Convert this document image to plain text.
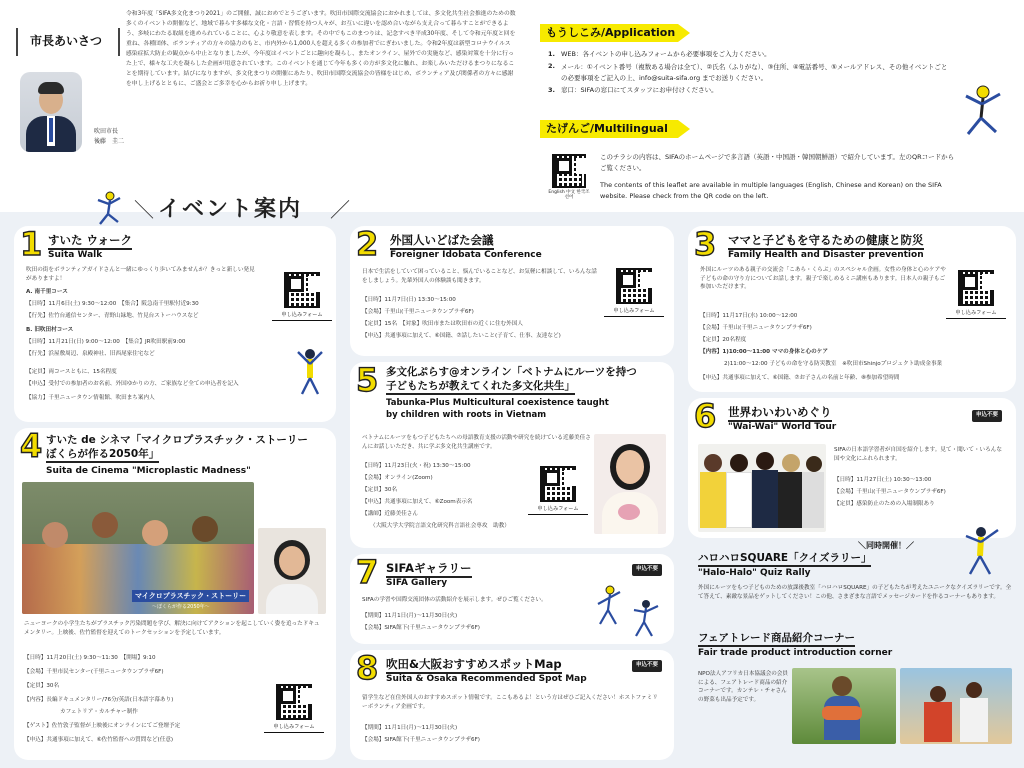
市長あいさつ
吹田市長
後藤　圭二
令和3年度「SIFA多文化まつり2021」のご開催、誠におめでとうございます。吹田市国際交流協会におかれましては、多文化共生社会推進のための数多くのイベントの開催など、地域で暮らす多様な文化・言語・習慣を持つ人々が、お互いに違いを認め合いながら支え合って暮らすことができるよう、多岐にわたる取組を進められていることに、心より敬意を表します。その中でもこのまつりは、記念すべき平成30年度、そして令和元年度と回を重ね、各種団体、ボランティアの方々の協力のもと、市内外から1,000人を超える多くの参加者でにぎわいました。令和2年度は新型コロナウイルス感染症拡大防止の観点から中止となりましたが、今年度はイベントごとに趣向を凝らし、またオンライン、屋外での実施など、感染対策を十分に行った上で、様々な工夫を凝らした企画が用意されています。このイベントを通じて今年も多くの方が多文化に触れ、お楽しみいただけるまつりになることを期待しています。結びになりますが、多文化まつりの開催にあたり、吹田市国際交流協会の皆様をはじめ、ボランティア及び関係者の方々に感謝を申し上げるとともに、ご盛会とご多幸を心からお祈り申し上げます。
もうしこみ/Application
1. WEB：各イベントの申し込みフォームから必要事項をご入力ください。
2. メール：①イベント番号（複数ある場合は全て）、②氏名（ふりがな）、③住所、④電話番号、⑤メールアドレス、その他イベントごとの必要事項をご記入の上、info@suita-sifa.org までお送りください。
3. 窓口：SIFAの窓口にてスタッフにお申付けください。
たげんご/Multilingual
English 中文 한국조선어
このチラシの内容は、SIFAのホームページで多言語（英語・中国語・韓国朝鮮語）で紹介しています。左のQRコードからご覧ください。
The contents of this leaflet are available in multiple languages (English, Chinese and Korean) on the SIFA website. Please check from the QR code on the left.
＼ イベント案内 ／
1 すいた ウォーク
Suita Walk
吹田の街をボランティアガイドさんと一緒にゆっくり歩いてみませんか？きっと新しい発見がありますよ！
A. 南千里コース
【日時】11月6日(土) 9:30〜12:00　【集合】阪急南千里駅付近9:30
【行先】佐竹台通信センター、青野山緑地、竹見台ストーハウスなど
B. 旧吹田村コース
【日時】11月21日(日) 9:00〜12:00　【集合】JR吹田駅前9:00
【行先】浜屋敷周辺、泉殿神社、旧西尾家住宅など
【定員】両コースともに、15名程度
【申込】受付での参加者のお名前、外国ゆかりの方、ご家族など全ての申込者を記入
【協力】千里ニュータウン情報館、吹田まち案内人
申し込みフォーム
2 外国人いどばた会議
Foreigner Idobata Conference
日本で生活をしていて困っていること、悩んでいることなど、お気軽に相談して、いろんな話をしましょう。先輩外国人の体験談も聞きます。
【日時】11月7日(日) 13:30〜15:00
【会場】千里山(千里ニュータウンプラザ6F)
【定員】15名　【対象】吹田市または吹田市の近くに住む外国人
【申込】共通事項に加えて、⑥国籍、⑦話したいこと(子育て、仕事、友達など)
申し込みフォーム
3 ママと子どもを守るための健康と防災
Family Health and Disaster prevention
外国にルーツのある親子の交流会「こあら・くらぶ」のスペシャル企画。女性の身体と心のケアや子どもの命の守り方についてお話します。親子で楽しめるミニ講座もあります。日本人の親子もご参加いただけます。
【日時】11月17日(水) 10:00〜12:00
【会場】千里山(千里ニュータウンプラザ6F)
【定員】20名程度
【内容】1)10:00〜11:00 ママの身体と心のケア
2)11:00〜12:00 子どもの命を守る防災教室　※吹田市Shinjoプロジェクト助成金事業
【申込】共通事項に加えて、⑥国籍、⑦お子さんの名前と年齢、⑧参加希望時間
申し込みフォーム
4 すいた de シネマ「マイクロプラスチック・ストーリー
ぼくらが作る2050年」
Suita de Cinema "Microplastic Madness"
マイクロプラスチック・ストーリー
〜ぼくらが作る2050年〜
ニューヨークの小学生たちがプラスチック汚染問題を学び、解決に向けてアクションを起こしていく姿を追ったドキュメンタリー。上映後、佐竹監督を迎えてのトークセッションを予定しています。
【日時】11月20日(土) 9:30〜11:30　【開場】9:10
【会場】千里市民センター(千里ニュータウンプラザ6F)
【定員】30名
【内容】長編ドキュメンタリー/76分/英語(日本語字幕あり)
カフェトリア・カルチャー制作
【ゲスト】佐竹敦子監督が上映後にオンラインにてご登壇予定
【申込】共通事項に加えて、⑥佐竹監督への質問など(任意)
申し込みフォーム
5 多文化ぷらす@オンライン「ベトナムにルーツを持つ
子どもたちが教えてくれた多文化共生」
Tabunka-Plus Multicultural coexistence taught
by children with roots in Vietnam
ベトナムにルーツをもつ子どもたちへの母語教育支援の活動や研究を続けている近藤美佳さんにお話しいただき、共に学ぶ多文化共生講座です。
【日時】11月23日(火・祝) 13:30〜15:00
【会場】オンライン(Zoom)
【定員】30名
【申込】共通事項に加えて、⑥Zoom表示名
【講師】近藤美佳さん
（大阪大学大学院言語文化研究科言語社会専攻　助教）
申し込みフォーム
6 世界わいわいめぐり
"Wai-Wai" World Tour
申込不要
SIFAの日本語学習者が自国を紹介します。見て・聞いて・いろんな国や文化にふれられます。
【日時】11月27日(土) 10:30〜13:00
【会場】千里山(千里ニュータウンプラザ6F)
【定員】感染防止のための入場制限あり
＼同時開催！／
ハロハロSQUARE「クイズラリー」
"Halo-Halo" Quiz Rally
外国にルーツをもつ子どものための放課後教室「ハロハロSQUARE」の子どもたちが考えたユニークなクイズラリーです。全て答えて、素敵な景品をゲットしてください！この他、さまざまな言語でメッセージカードを作るコーナーもあります。
フェアトレード商品紹介コーナー
Fair trade product introduction corner
NPO法人アフリカ日本協議会の会員による、フェアトレード商品の紹介コーナーです。カンテレ・チャさんの野菜も出品予定です。
7 SIFAギャラリー
SIFA Gallery
申込不要
SIFAの学習や国際交流団体の活動紹介を展示します。ぜひご覧ください。
【期間】11月1日(月)〜11月30日(火)
【会場】SIFA館下(千里ニュータウンプラザ6F)
8 吹田&大阪おすすめスポットMap
Suita & Osaka Recommended Spot Map
申込不要
留学生など在住外国人のおすすめスポット情報です。ここもあるよ！という方はぜひご記入ください！ホストファミリーボランティア企画です。
【期間】11月1日(月)〜11月30日(火)
【会場】SIFA館下(千里ニュータウンプラザ6F)
